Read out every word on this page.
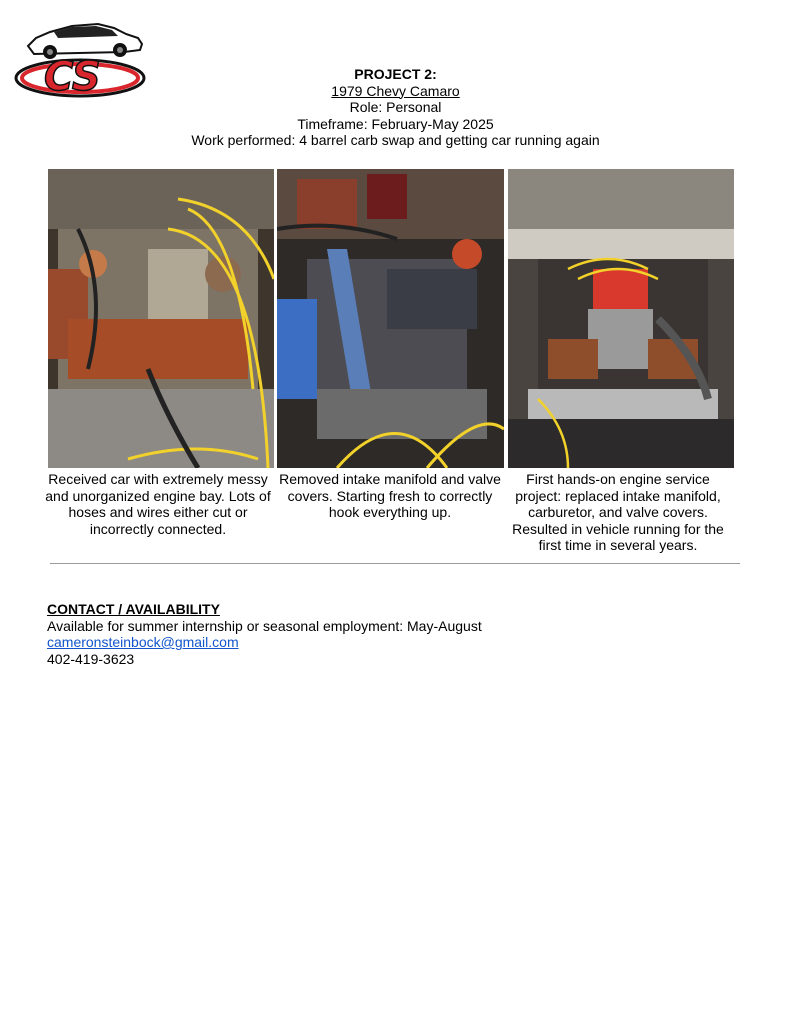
CS	PROJECT 2:
1979 Chevy Camaro
Role: Personal
Timeframe: February-May 2025
Work performed: 4 barrel carb swap and getting car running again
Received car with extremely messy and unorganized engine bay. Lots of hoses and wires either cut or incorrectly connected.
Removed intake manifold and valve covers. Starting fresh to correctly hook everything up.
First hands-on engine service project: replaced intake manifold, carburetor, and valve covers. Resulted in vehicle running for the first time in several years.
CONTACT / AVAILABILITY
Available for summer internship or seasonal employment: May-August
cameronsteinbock@gmail.com
402-419-3623
